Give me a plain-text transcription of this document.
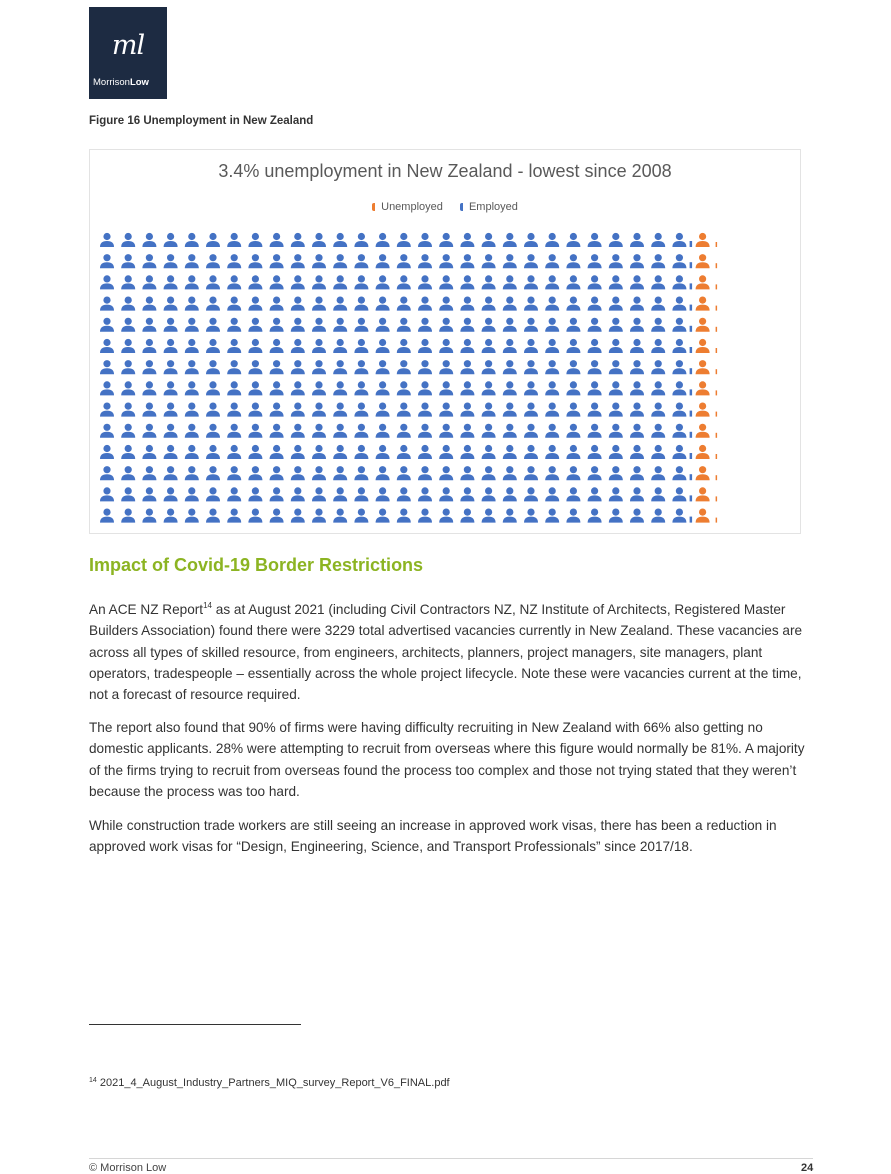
ml
MorrisonLow
Figure 16 Unemployment in New Zealand
3.4% unemployment in New Zealand - lowest since 2008
Unemployed Employed
Impact of Covid-19 Border Restrictions

An ACE NZ Report$^{14}$ as at August 2021 (including Civil Contractors NZ, NZ Institute of Architects, Registered Master Builders Association) found there were 3229 total advertised vacancies currently in New Zealand. These vacancies are across all types of skilled resource, from engineers, architects, planners, project managers, site managers, plant operators, tradespeople – essentially across the whole project lifecycle. Note these were vacancies current at the time, not a forecast of resource required.

The report also found that 90% of firms were having difficulty recruiting in New Zealand with 66% also getting no domestic applicants. 28% were attempting to recruit from overseas where this figure would normally be 81%. A majority of the firms trying to recruit from overseas found the process too complex and those not trying stated that they weren’t because the process was too hard.

While construction trade workers are still seeing an increase in approved work visas, there has been a reduction in approved work visas for “Design, Engineering, Science, and Transport Professionals” since 2017/18.

$^{14}$ 2021_4_August_Industry_Partners_MIQ_survey_Report_V6_FINAL.pdf
© Morrison Low	24
